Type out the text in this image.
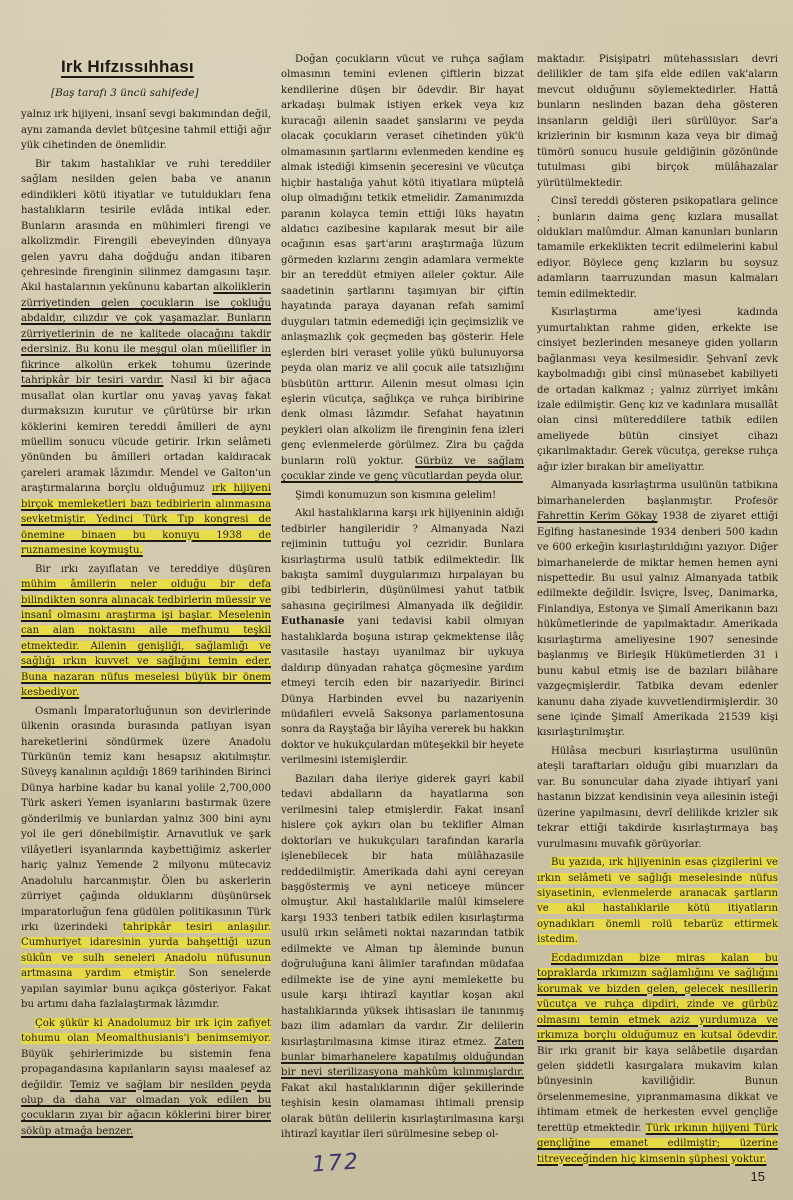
Irk Hıfzıssıhhası
[Baş tarafı 3 üncü sahifede]

yalnız ırk hijiyeni, insanî sevgi bakımından değil, aynı zamanda devlet bütçesine tahmil ettiği ağır yük cihetinden de önemlidir.

Bir takım hastalıklar ve ruhi tereddiler sağlam nesilden gelen baba ve ananın edindikleri kötü itiyatlar ve tutuldukları fena hastalıkların tesirile evlâda intikal eder. Bunların arasında en mühimleri firengi ve alkolizmdir. Firengili ebeveyinden dünyaya gelen yavru daha doğduğu andan itibaren çehresinde firenginin silinmez damgasını taşır. Akıl hastalarının yekûnunu kabartan alkoliklerin zürriyetinden gelen çocukların ise çokluğu abdaldır, cılızdır ve çok yaşamazlar. Bunların zürriyetlerinin de ne kalitede olacağını takdir edersiniz. Bu konu ile meşgul olan müellifler in fikrince alkolün erkek tohumu üzerinde tahripkâr bir tesiri vardır. Nasıl ki bir ağaca musallat olan kurtlar onu yavaş yavaş fakat durmaksızın kurutur ve çürütürse bir ırkın köklerini kemiren tereddi âmilleri de aynı müellim sonucu vücude getirir. Irkın selâmeti yönünden bu âmilleri ortadan kaldıracak çareleri aramak lâzımdır. Mendel ve Galton'un araştırmalarına borçlu olduğumuz ırk hijiyeni birçok memleketleri bazı tedbirlerin alınmasına sevketmiştir. Yedinci Türk Tıp kongresi de önemine binaen bu konuyu 1938 de ruznamesine koymuştu.

Bir ırkı zayıflatan ve tereddiye düşüren mühim âmillerin neler olduğu bir defa bilindikten sonra alınacak tedbirlerin müessir ve insanî olmasını araştırma işi başlar. Meselenin can alan noktasını aile mefhumu teşkil etmektedir. Ailenin genişliği, sağlamlığı ve sağlığı ırkın kuvvet ve sağlığını temin eder. Buna nazaran nüfus meselesi büyük bir önem kesbediyor.

Osmanlı İmparatorluğunun son devirlerinde ülkenin orasında burasında patlıyan isyan hareketlerini söndürmek üzere Anadolu Türkünün temiz kanı hesapsız akıtılmıştır. Süveyş kanalının açıldığı 1869 tarihinden Birinci Dünya harbine kadar bu kanal yolile 2,700,000 Türk askeri Yemen isyanlarını bastırmak üzere gönderilmiş ve bunlardan yalnız 300 bini aynı yol ile geri dönebilmiştir. Arnavutluk ve şark vilâyetleri isyanlarında kaybettiğimiz askerler hariç yalnız Yemende 2 milyonu mütecaviz Anadolulu harcanmıştır. Ölen bu askerlerin zürriyet çağında olduklarını düşünürsek imparatorluğun fena güdülen politikasının Türk ırkı üzerindeki tahripkâr tesiri anlaşılır. Cumhuriyet idaresinin yurda bahşettiği uzun sükûn ve sulh seneleri Anadolu nüfusunun artmasına yardım etmiştir. Son senelerde yapılan sayımlar bunu açıkça gösteriyor. Fakat bu artımı daha fazlalaştırmak lâzımdır.

Çok şükür ki Anadolumuz bir ırk için zafiyet tohumu olan Meomalthusianis'i benimsemiyor. Büyük şehirlerimizde bu sistemin fena propagandasına kapılanların sayısı maalesef az değildir. Temiz ve sağlam bir nesilden peyda olup da daha var olmadan yok edilen bu çocukların zıyaı bir ağacın köklerini birer birer söküp atmağa benzer.

Doğan çocukların vücut ve ruhça sağlam olmasının temini evlenen çiftlerin bizzat kendilerine düşen bir ödevdir. Bir hayat arkadaşı bulmak istiyen erkek veya kız kuracağı ailenin saadet şanslarını ve peyda olacak çocukların veraset cihetinden yük'ü olmamasının şartlarını evlenmeden kendine eş almak istediği kimsenin şeceresini ve vücutça hiçbir hastalığa yahut kötü itiyatlara müptelâ olup olmadığını tetkik etmelidir. Zamanımızda paranın kolayca temin ettiği lüks hayatın aldatıcı cazibesine kapılarak mesut bir aile ocağının esas şart'arını araştırmağa lüzum görmeden kızlarını zengin adamlara vermekte bir an tereddüt etmiyen aileler çoktur. Aile saadetinin şartlarını taşımıyan bir çiftin hayatında paraya dayanan refah samimî duyguları tatmin edemediği için geçimsizlik ve anlaşmazlık çok geçmeden baş gösterir. Hele eşlerden biri veraset yolile yükü bulunuyorsa peyda olan mariz ve alil çocuk aile tatsızlığını büsbütün arttırır. Ailenin mesut olması için eşlerin vücutça, sağlıkça ve ruhça biribirine denk olması lâzımdır. Sefahat hayatının peykleri olan alkolizm ile firenginin fena izleri genç evlenmelerde görülmez. Zira bu çağda bunların rolü yoktur. Gürbüz ve sağlam çocuklar zinde ve genç vücutlardan peyda olur.

Şimdi konumuzun son kısmına gelelim!

Akıl hastalıklarına karşı ırk hijiyeninin aldığı tedbirler hangileridir ? Almanyada Nazi rejiminin tuttuğu yol cezridir. Bunlara kısırlaştırma usulü tatbik edilmektedir. İlk bakışta samimî duygularımızı hırpalayan bu gibi tedbirlerin, düşünülmesi yahut tatbik sahasına geçirilmesi Almanyada ilk değildir. Euthanasie yani tedavisi kabil olmıyan hastalıklarda boşuna ıstırap çekmektense ilâç vasıtasile hastayı uyanılmaz bir uykuya daldırıp dünyadan rahatça göçmesine yardım etmeyi tercih eden bir nazariyedir. Birinci Dünya Harbinden evvel bu nazariyenin müdafileri evvelâ Saksonya parlamentosuna sonra da Rayştağa bir lâyiha vererek bu hakkın doktor ve hukukçulardan müteşekkil bir heyete verilmesini istemişlerdir.

Bazıları daha ileriye giderek gayri kabil tedavi abdalların da hayatlarına son verilmesini talep etmişlerdir. Fakat insanî hislere çok aykırı olan bu teklifler Alman doktorları ve hukukçuları tarafından kararla işlenebilecek bir hata mülâhazasile reddedilmiştir. Amerikada dahi ayni cereyan başgöstermiş ve ayni neticeye müncer olmuştur. Akıl hastalıklarile malûl kimselere karşı 1933 tenberi tatbik edilen kısırlaştırma usulü ırkın selâmeti noktai nazarından tatbik edilmekte ve Alman tıp âleminde bunun doğruluğuna kani âlimler tarafından müdafaa edilmekte ise de yine ayni memlekette bu usule karşı ihtirazî kayıtlar koşan akıl hastalıklarında yüksek ihtisasları ile tanınmış bazı ilim adamları da vardır. Zir delilerin kısırlaştırılmasına kimse itiraz etmez. Zaten bunlar bimarhanelere kapatılmış olduğundan bir nevi sterilizasyona mahkûm kılınmışlardır. Fakat akıl hastalıklarının diğer şekillerinde teşhisin kesin olamaması ihtimali prensip olarak bütün delilerin kısırlaştırılmasına karşı ihtirazî kayıtlar ileri sürülmesine sebep ol-

maktadır. Pisişipatri mütehassısları devri delilikler de tam şifa elde edilen vak'aların mevcut olduğunu söylemektedirler. Hattâ bunların neslinden bazan deha gösteren insanların geldiği ileri sürülüyor. Sar'a krizlerinin bir kısmının kaza veya bir dimağ tümörü sonucu husule geldiğinin gözönünde tutulması gibi birçok mülâhazalar yürütülmektedir.

Cinsî tereddi gösteren psikopatlara gelince ; bunların daima genç kızlara musallat oldukları malûmdur. Alman kanunları bunların tamamile erkeklikten tecrit edilmelerini kabul ediyor. Böylece genç kızların bu soysuz adamların taarruzundan masun kalmaları temin edilmektedir.

Kısırlaştırma ame'iyesi kadında yumurtalıktan rahme giden, erkekte ise cinsiyet bezlerinden mesaneye giden yolların bağlanması veya kesilmesidir. Şehvanî zevk kaybolmadığı gibi cinsî münasebet kabiliyeti de ortadan kalkmaz ; yalnız zürriyet imkânı izale edilmiştir. Genç kız ve kadınlara musallât olan cinsi mütereddilere tatbik edilen ameliyede bütün cinsiyet cihazı çıkarılmaktadır. Gerek vücutça, gerekse ruhça ağır izler bırakan bir ameliyattır.

Almanyada kısırlaştırma usulünün tatbikına bimarhanelerden başlanmıştır. Profesör Fahrettin Kerim Gökay 1938 de ziyaret ettiği Eglfing hastanesinde 1934 denberi 500 kadın ve 600 erkeğin kısırlaştırıldığını yazıyor. Diğer bimarhanelerde de miktar hemen hemen ayni nispettedir. Bu usul yalnız Almanyada tatbik edilmekte değildir. İsviçre, İsveç, Danimarka, Finlandiya, Estonya ve Şimalî Amerikanın bazı hükûmetlerinde de yapılmaktadır. Amerikada kısırlaştırma ameliyesine 1907 senesinde başlanmış ve Birleşik Hükümetlerden 31 i bunu kabul etmiş ise de bazıları bilâhare vazgeçmişlerdir. Tatbika devam edenler kanunu daha ziyade kuvvetlendirmişlerdir. 30 sene içinde Şimalî Amerikada 21539 kişi kısırlaştırılmıştır.

Hülâsa mecburi kısırlaştırma usulünün ateşli taraftarları olduğu gibi muarızları da var. Bu sonuncular daha ziyade ihtiyarî yani hastanın bizzat kendisinin veya ailesinin isteği üzerine yapılmasını, devrî delilikde krizler sık tekrar ettiği takdirde kısırlaştırmaya baş vurulmasını muvafık görüyorlar.

Bu yazıda, ırk hijiyeninin esas çizgilerini ve ırkın selâmeti ve sağlığı meselesinde nüfus siyasetinin, evlenmelerde aranacak şartların ve akıl hastalıklarile kötü itiyatların oynadıkları önemli rolü tebarüz ettirmek istedim.

Ecdadımızdan bize miras kalan bu topraklarda ırkımızın sağlamlığını ve sağlığını korumak ve bizden gelen, gelecek nesillerin vücutça ve ruhça dipdiri, zinde ve gürbüz olmasını temin etmek aziz yurdumuza ve ırkımıza borçlu olduğumuz en kutsal ödevdir. Bir ırkı granit bir kaya selâbetile dışardan gelen şiddetli kasırgalara mukavim kılan bünyesinin kaviliğidir. Bunun örselenmemesine, yıpranmamasına dikkat ve ihtimam etmek de herkesten evvel gençliğe terettüp etmektedir. Türk ırkının hijiyeni Türk gençliğine emanet edilmiştir; üzerine titreyeceğinden hiç kimsenin şüphesi yoktur.

172	15
